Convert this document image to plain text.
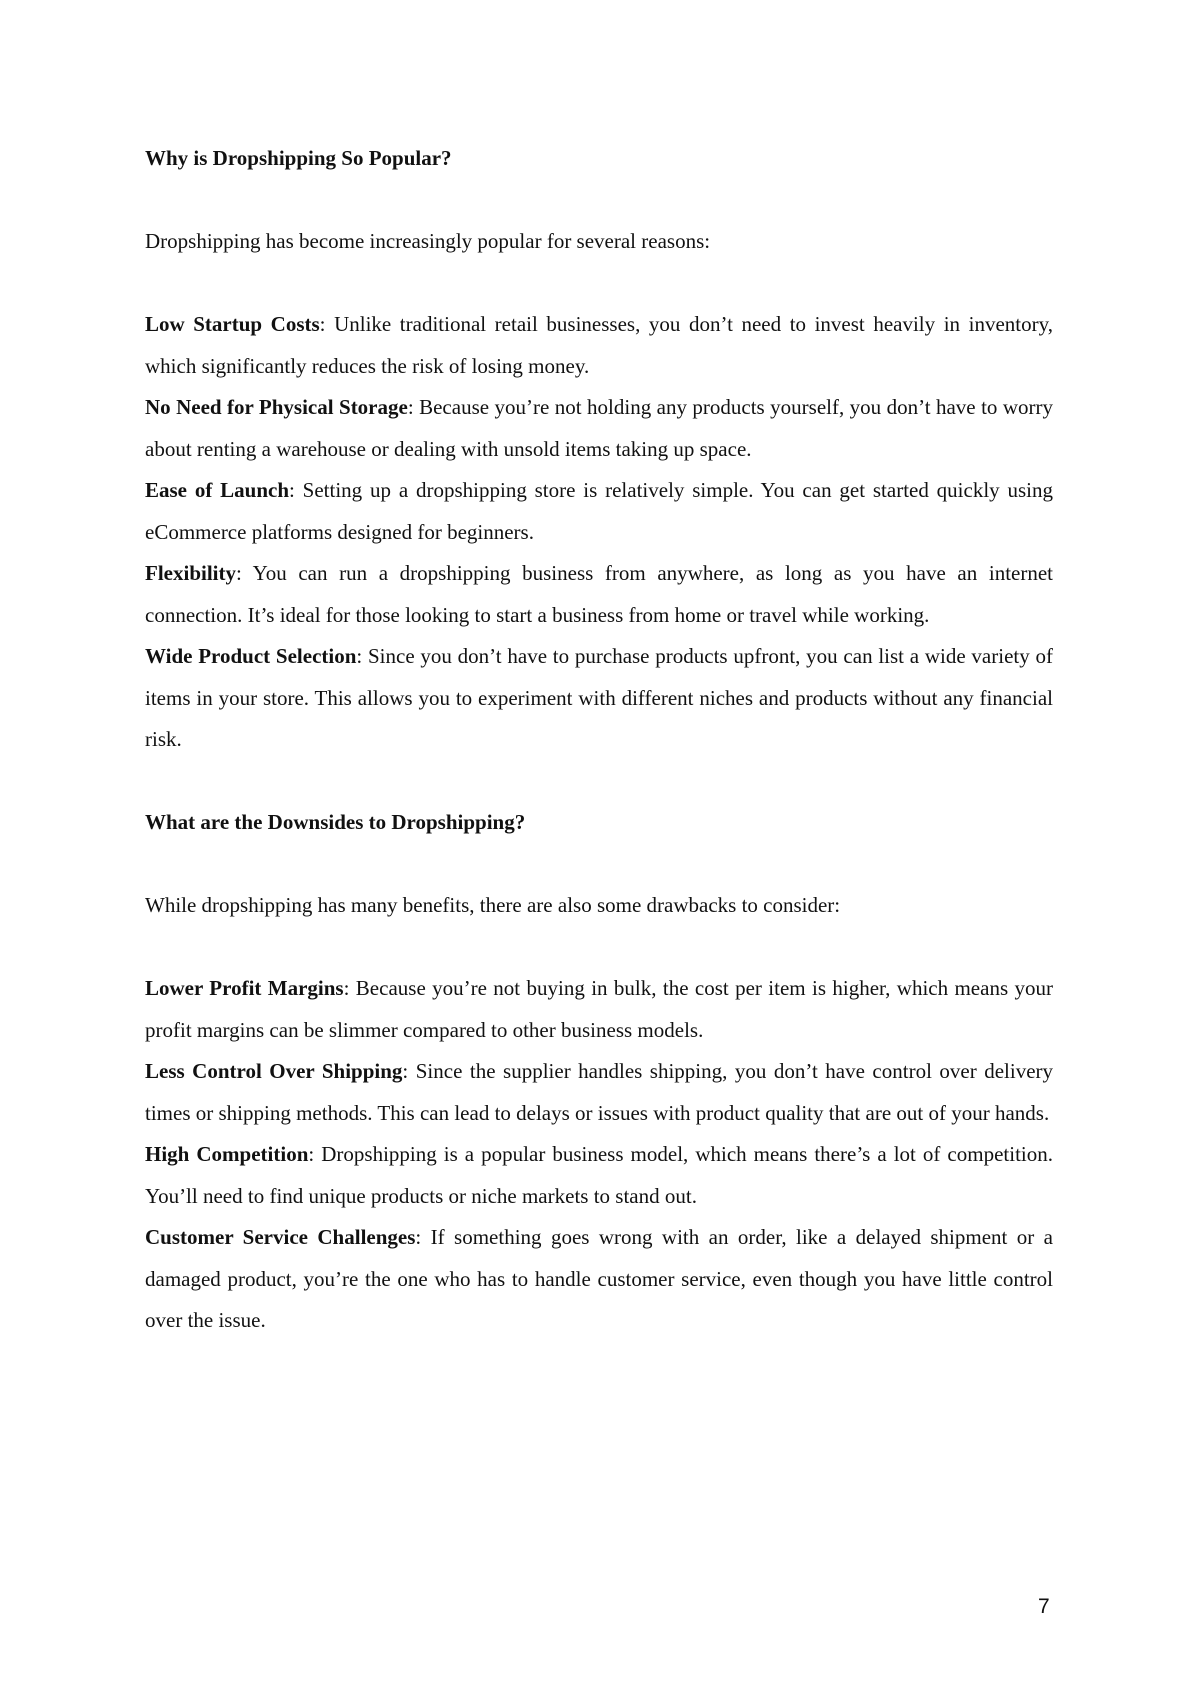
Why is Dropshipping So Popular?

Dropshipping has become increasingly popular for several reasons:

Low Startup Costs: Unlike traditional retail businesses, you don’t need to invest heavily in inventory, which significantly reduces the risk of losing money.

No Need for Physical Storage: Because you’re not holding any products yourself, you don’t have to worry about renting a warehouse or dealing with unsold items taking up space.

Ease of Launch: Setting up a dropshipping store is relatively simple. You can get started quickly using eCommerce platforms designed for beginners.

Flexibility: You can run a dropshipping business from anywhere, as long as you have an internet connection. It’s ideal for those looking to start a business from home or travel while working.

Wide Product Selection: Since you don’t have to purchase products upfront, you can list a wide variety of items in your store. This allows you to experiment with different niches and products without any financial risk.

What are the Downsides to Dropshipping?

While dropshipping has many benefits, there are also some drawbacks to consider:

Lower Profit Margins: Because you’re not buying in bulk, the cost per item is higher, which means your profit margins can be slimmer compared to other business models.

Less Control Over Shipping: Since the supplier handles shipping, you don’t have control over delivery times or shipping methods. This can lead to delays or issues with product quality that are out of your hands.

High Competition: Dropshipping is a popular business model, which means there’s a lot of competition. You’ll need to find unique products or niche markets to stand out.

Customer Service Challenges: If something goes wrong with an order, like a delayed shipment or a damaged product, you’re the one who has to handle customer service, even though you have little control over the issue.

7
